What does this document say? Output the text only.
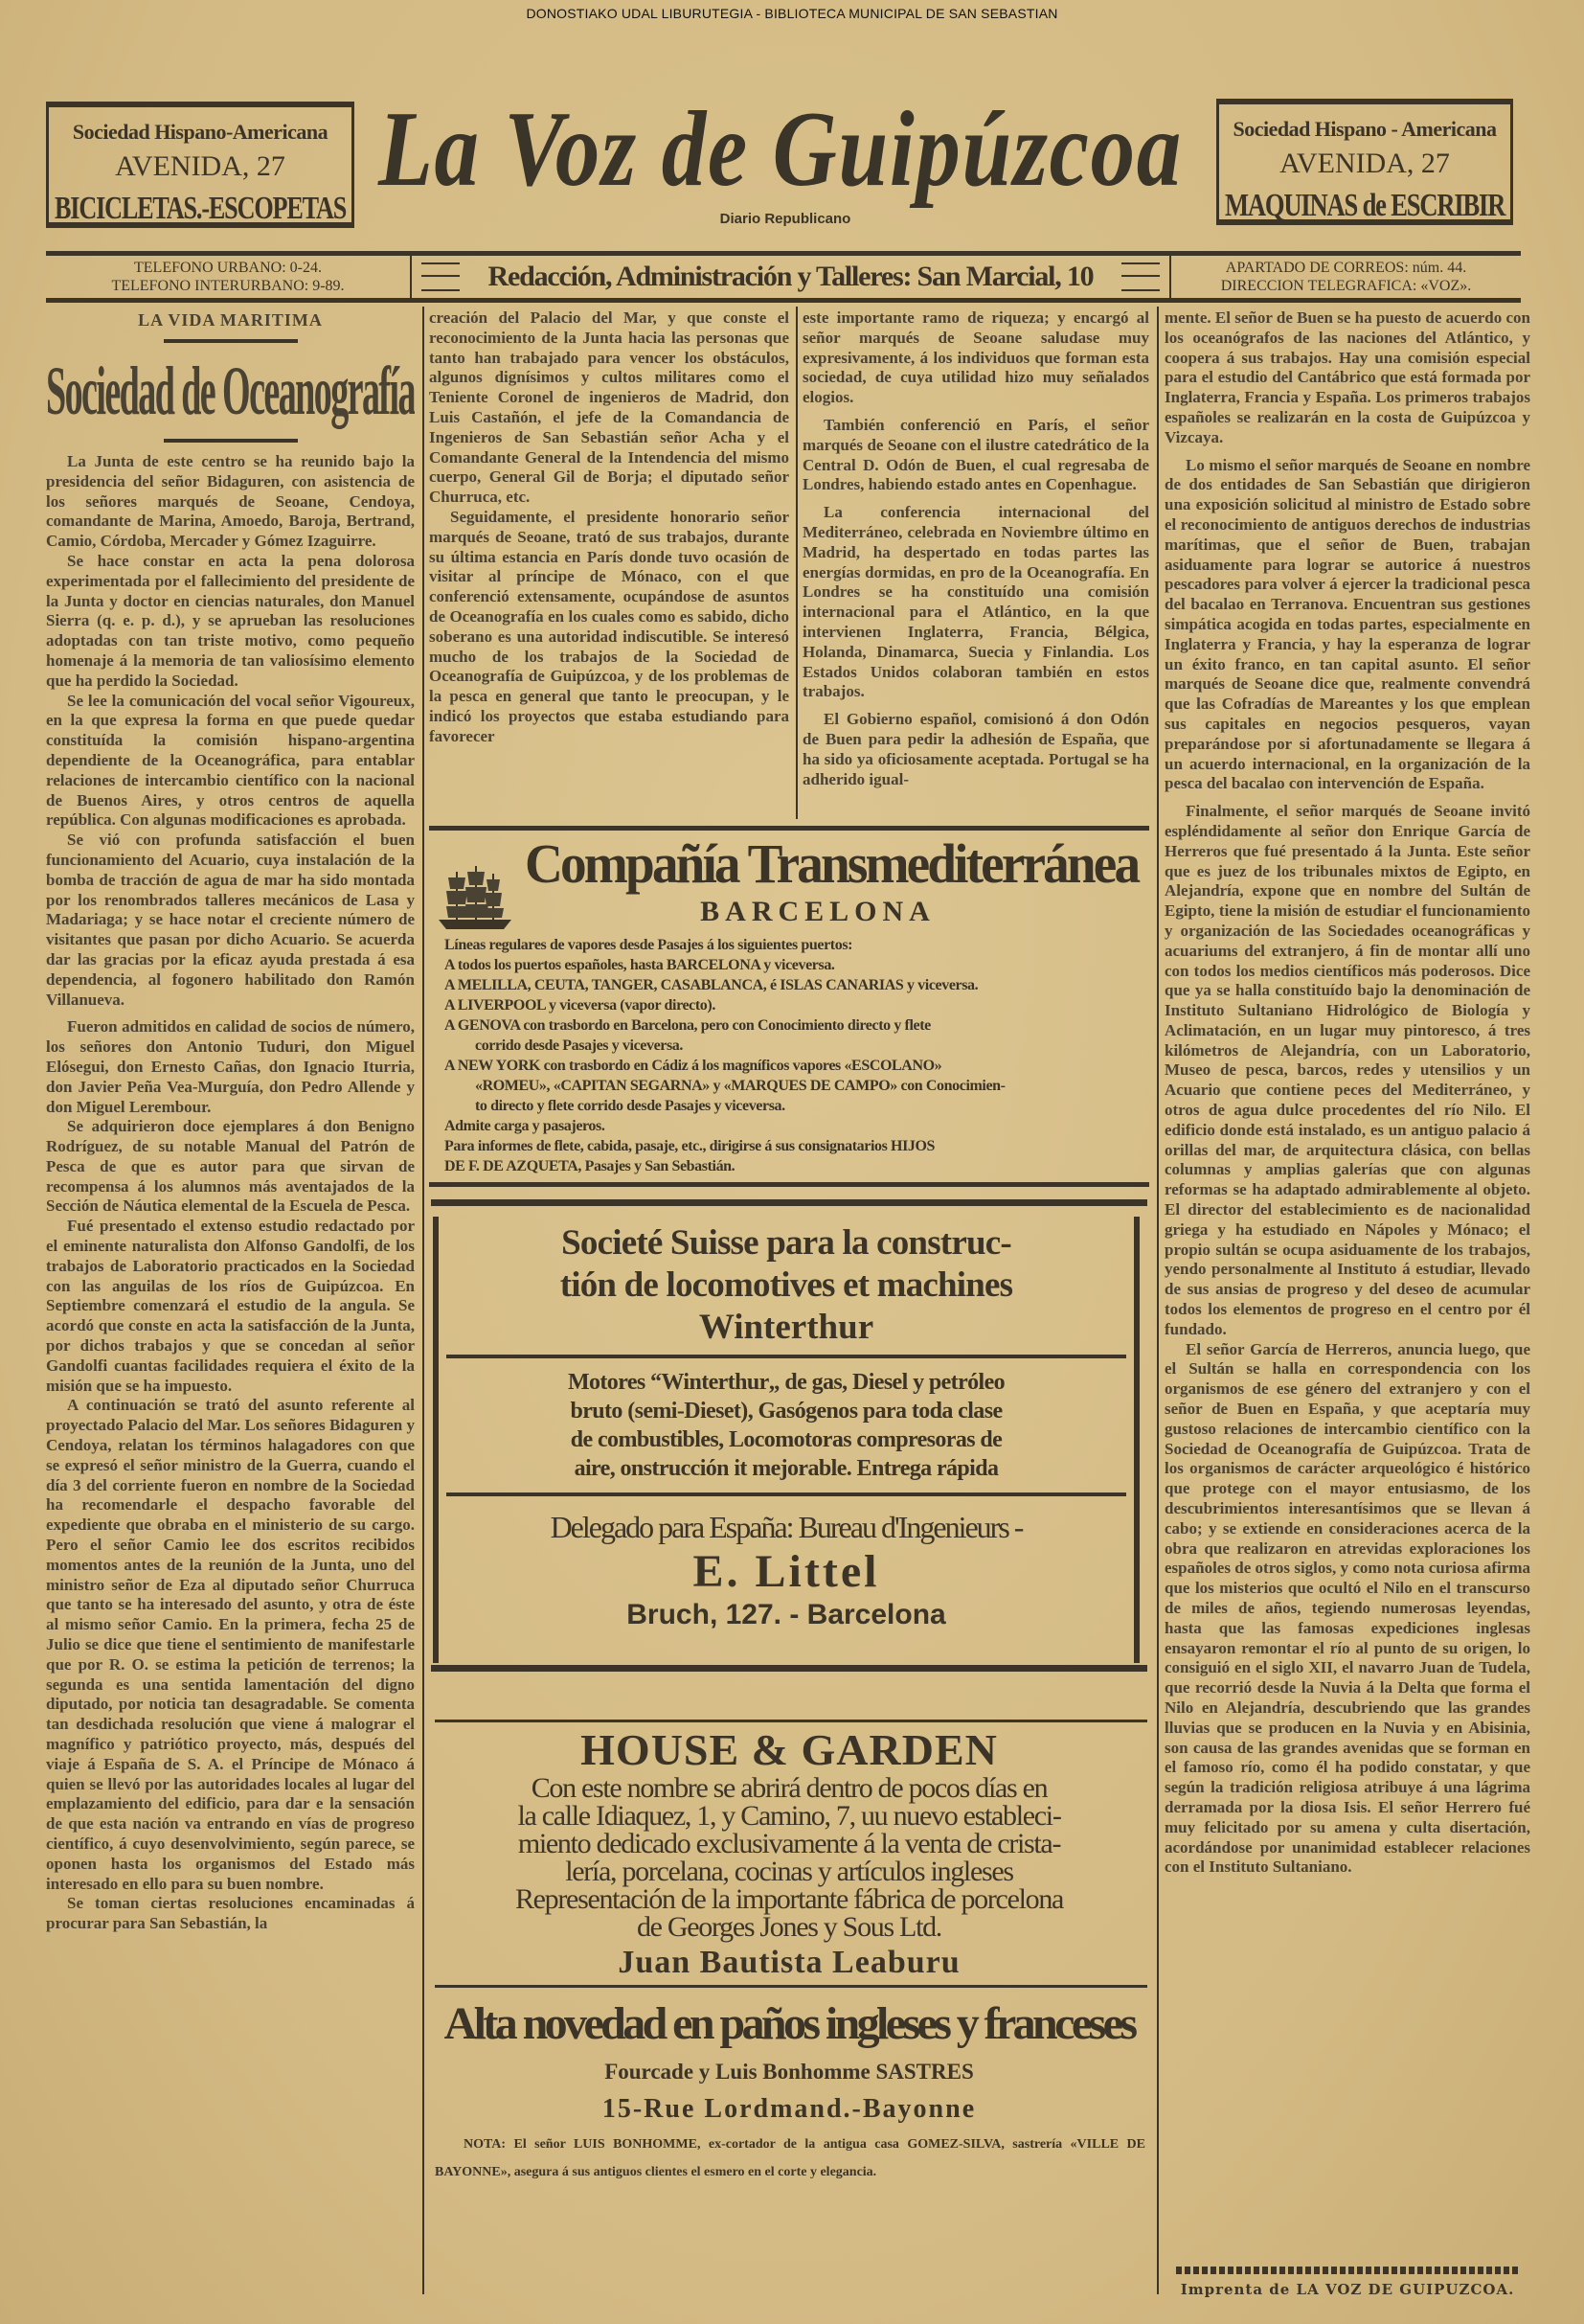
DONOSTIAKO UDAL LIBURUTEGIA - BIBLIOTECA MUNICIPAL DE SAN SEBASTIAN
Sociedad Hispano-Americana
AVENIDA, 27
BICICLETAS.-ESCOPETAS La Voz de Guipúzcoa
Diario Republicano
Sociedad Hispano - Americana
AVENIDA, 27
MAQUINAS de ESCRIBIR
TELEFONO URBANO: 0-24.
TELEFONO INTERURBANO: 9-89.	Redacción, Administración y Talleres: San Marcial, 10	APARTADO DE CORREOS: núm. 44.
DIRECCION TELEGRAFICA: «VOZ».
LA VIDA MARITIMA
Sociedad de Oceanografía

La Junta de este centro se ha reunido bajo la presidencia del señor Bidaguren, con asistencia de los señores marqués de Seoane, Cendoya, comandante de Marina, Amoedo, Baroja, Bertrand, Camio, Córdoba, Mercader y Gómez Izaguirre.

Se hace constar en acta la pena dolorosa experimentada por el fallecimiento del presidente de la Junta y doctor en ciencias naturales, don Manuel Sierra (q. e. p. d.), y se aprueban las resoluciones adoptadas con tan triste motivo, como pequeño homenaje á la memoria de tan valiosísimo elemento que ha perdido la Sociedad.

Se lee la comunicación del vocal señor Vigoureux, en la que expresa la forma en que puede quedar constituída la comisión hispano-argentina dependiente de la Oceanográfica, para entablar relaciones de intercambio científico con la nacional de Buenos Aires, y otros centros de aquella república. Con algunas modificaciones es aprobada.

Se vió con profunda satisfacción el buen funcionamiento del Acuario, cuya instalación de la bomba de tracción de agua de mar ha sido montada por los renombrados talleres mecánicos de Lasa y Madariaga; y se hace notar el creciente número de visitantes que pasan por dicho Acuario. Se acuerda dar las gracias por la eficaz ayuda prestada á esa dependencia, al fogonero habilitado don Ramón Villanueva.

Fueron admitidos en calidad de socios de número, los señores don Antonio Tuduri, don Miguel Elósegui, don Ernesto Cañas, don Ignacio Iturria, don Javier Peña Vea-Murguía, don Pedro Allende y don Miguel Lerembour.

Se adquirieron doce ejemplares á don Benigno Rodríguez, de su notable Manual del Patrón de Pesca de que es autor para que sirvan de recompensa á los alumnos más aventajados de la Sección de Náutica elemental de la Escuela de Pesca.

Fué presentado el extenso estudio redactado por el eminente naturalista don Alfonso Gandolfi, de los trabajos de Laboratorio practicados en la Sociedad con las anguilas de los ríos de Guipúzcoa. En Septiembre comenzará el estudio de la angula. Se acordó que conste en acta la satisfacción de la Junta, por dichos trabajos y que se concedan al señor Gandolfi cuantas facilidades requiera el éxito de la misión que se ha impuesto.

A continuación se trató del asunto referente al proyectado Palacio del Mar. Los señores Bidaguren y Cendoya, relatan los términos halagadores con que se expresó el señor ministro de la Guerra, cuando el día 3 del corriente fueron en nombre de la Sociedad ha recomendarle el despacho favorable del expediente que obraba en el ministerio de su cargo. Pero el señor Camio lee dos escritos recibidos momentos antes de la reunión de la Junta, uno del ministro señor de Eza al diputado señor Churruca que tanto se ha interesado del asunto, y otra de éste al mismo señor Camio. En la primera, fecha 25 de Julio se dice que tiene el sentimiento de manifestarle que por R. O. se estima la petición de terrenos; la segunda es una sentida lamentación del digno diputado, por noticia tan desagradable. Se comenta tan desdichada resolución que viene á malograr el magnífico y patriótico proyecto, más, después del viaje á España de S. A. el Príncipe de Mónaco á quien se llevó por las autoridades locales al lugar del emplazamiento del edificio, para dar e la sensación de que esta nación va entrando en vías de progreso científico, á cuyo desenvolvimiento, según parece, se oponen hasta los organismos del Estado más interesado en ello para su buen nombre.

Se toman ciertas resoluciones encaminadas á procurar para San Sebastián, la

creación del Palacio del Mar, y que conste el reconocimiento de la Junta hacia las personas que tanto han trabajado para vencer los obstáculos, algunos dignísimos y cultos militares como el Teniente Coronel de ingenieros de Madrid, don Luis Castañón, el jefe de la Comandancia de Ingenieros de San Sebastián señor Acha y el Comandante General de la Intendencia del mismo cuerpo, General Gil de Borja; el diputado señor Churruca, etc.

Seguidamente, el presidente honorario señor marqués de Seoane, trató de sus trabajos, durante su última estancia en París donde tuvo ocasión de visitar al príncipe de Mónaco, con el que conferenció extensamente, ocupándose de asuntos de Oceanografía en los cuales como es sabido, dicho soberano es una autoridad indiscutible. Se interesó mucho de los trabajos de la Sociedad de Oceanografía de Guipúzcoa, y de los problemas de la pesca en general que tanto le preocupan, y le indicó los proyectos que estaba estudiando para favorecer

este importante ramo de riqueza; y encargó al señor marqués de Seoane saludase muy expresivamente, á los individuos que forman esta sociedad, de cuya utilidad hizo muy señalados elogios.

También conferenció en París, el señor marqués de Seoane con el ilustre catedrático de la Central D. Odón de Buen, el cual regresaba de Londres, habiendo estado antes en Copenhague.

La conferencia internacional del Mediterráneo, celebrada en Noviembre último en Madrid, ha despertado en todas partes las energías dormidas, en pro de la Oceanografía. En Londres se ha constituído una comisión internacional para el Atlántico, en la que intervienen Inglaterra, Francia, Bélgica, Holanda, Dinamarca, Suecia y Finlandia. Los Estados Unidos colaboran también en estos trabajos.

El Gobierno español, comisionó á don Odón de Buen para pedir la adhesión de España, que ha sido ya oficiosamente aceptada. Portugal se ha adherido igual-

mente. El señor de Buen se ha puesto de acuerdo con los oceanógrafos de las naciones del Atlántico, y coopera á sus trabajos. Hay una comisión especial para el estudio del Cantábrico que está formada por Inglaterra, Francia y España. Los primeros trabajos españoles se realizarán en la costa de Guipúzcoa y Vizcaya.

Lo mismo el señor marqués de Seoane en nombre de dos entidades de San Sebastián que dirigieron una exposición solicitud al ministro de Estado sobre el reconocimiento de antiguos derechos de industrias marítimas, que el señor de Buen, trabajan asiduamente para lograr se autorice á nuestros pescadores para volver á ejercer la tradicional pesca del bacalao en Terranova. Encuentran sus gestiones simpática acogida en todas partes, especialmente en Inglaterra y Francia, y hay la esperanza de lograr un éxito franco, en tan capital asunto. El señor marqués de Seoane dice que, realmente convendrá que las Cofradías de Mareantes y los que emplean sus capitales en negocios pesqueros, vayan preparándose por si afortunadamente se llegara á un acuerdo internacional, en la organización de la pesca del bacalao con intervención de España.

Finalmente, el señor marqués de Seoane invitó espléndidamente al señor don Enrique García de Herreros que fué presentado á la Junta. Este señor que es juez de los tribunales mixtos de Egipto, en Alejandría, expone que en nombre del Sultán de Egipto, tiene la misión de estudiar el funcionamiento y organización de las Sociedades oceanográficas y acuariums del extranjero, á fin de montar allí uno con todos los medios científicos más poderosos. Dice que ya se halla constituído bajo la denominación de Instituto Sultaniano Hidrológico de Biología y Aclimatación, en un lugar muy pintoresco, á tres kilómetros de Alejandría, con un Laboratorio, Museo de pesca, barcos, redes y utensilios y un Acuario que contiene peces del Mediterráneo, y otros de agua dulce procedentes del río Nilo. El edificio donde está instalado, es un antiguo palacio á orillas del mar, de arquitectura clásica, con bellas columnas y amplias galerías que con algunas reformas se ha adaptado admirablemente al objeto. El director del establecimiento es de nacionalidad griega y ha estudiado en Nápoles y Mónaco; el propio sultán se ocupa asiduamente de los trabajos, yendo personalmente al Instituto á estudiar, llevado de sus ansias de progreso y del deseo de acumular todos los elementos de progreso en el centro por él fundado.

El señor García de Herreros, anuncia luego, que el Sultán se halla en correspondencia con los organismos de ese género del extranjero y con el señor de Buen en España, y que aceptaría muy gustoso relaciones de intercambio científico con la Sociedad de Oceanografía de Guipúzcoa. Trata de los organismos de carácter arqueológico é histórico que protege con el mayor entusiasmo, de los descubrimientos interesantísimos que se llevan á cabo; y se extiende en consideraciones acerca de la obra que realizaron en atrevidas exploraciones los españoles de otros siglos, y como nota curiosa afirma que los misterios que ocultó el Nilo en el transcurso de miles de años, tegiendo numerosas leyendas, hasta que las famosas expediciones inglesas ensayaron remontar el río al punto de su origen, lo consiguió en el siglo XII, el navarro Juan de Tudela, que recorrió desde la Nuvia á la Delta que forma el Nilo en Alejandría, descubriendo que las grandes lluvias que se producen en la Nuvia y en Abisinia, son causa de las grandes avenidas que se forman en el famoso río, como él ha podido constatar, y que según la tradición religiosa atribuye á una lágrima derramada por la diosa Isis. El señor Herrero fué muy felicitado por su amena y culta disertación, acordándose por unanimidad establecer relaciones con el Instituto Sultaniano.

Imprenta de LA VOZ DE GUIPUZCOA.
Compañía Transmediterránea
BARCELONA
Líneas regulares de vapores desde Pasajes á los siguientes puertos:
A todos los puertos españoles, hasta BARCELONA y viceversa.
A MELILLA, CEUTA, TANGER, CASABLANCA, é ISLAS CANARIAS y viceversa.
A LIVERPOOL y viceversa (vapor directo).
A GENOVA con trasbordo en Barcelona, pero con Conocimiento directo y flete
corrido desde Pasajes y viceversa.
A NEW YORK con trasbordo en Cádiz á los magníficos vapores «ESCOLANO»
«ROMEU», «CAPITAN SEGARNA» y «MARQUES DE CAMPO» con Conocimien-
to directo y flete corrido desde Pasajes y viceversa.
Admite carga y pasajeros.
Para informes de flete, cabida, pasaje, etc., dirigirse á sus consignatarios HIJOS
DE F. DE AZQUETA, Pasajes y San Sebastián.
Societé Suisse para la construc-
tión de locomotives et machines
Winterthur
Motores “Winterthur„ de gas, Diesel y petróleo
bruto (semi-Dieset), Gasógenos para toda clase
de combustibles, Locomotoras compresoras de
aire, onstrucción it mejorable. Entrega rápida
Delegado para España: Bureau d'Ingenieurs -
E. Littel
Bruch, 127. - Barcelona
HOUSE & GARDEN
Con este nombre se abrirá dentro de pocos días en
la calle Idiaquez, 1, y Camino, 7, uu nuevo estableci-
miento dedicado exclusivamente á la venta de crista-
lería, porcelana, cocinas y artículos ingleses
Representación de la importante fábrica de porcelona
de Georges Jones y Sous Ltd.
Juan Bautista Leaburu
Alta novedad en paños ingleses y franceses
Fourcade y Luis Bonhomme SASTRES
15-Rue Lordmand.-Bayonne
NOTA: El señor LUIS BONHOMME, ex-cortador de la antigua casa GOMEZ-SILVA, sastrería «VILLE DE BAYONNE», asegura á sus antiguos clientes el esmero en el corte y elegancia.
